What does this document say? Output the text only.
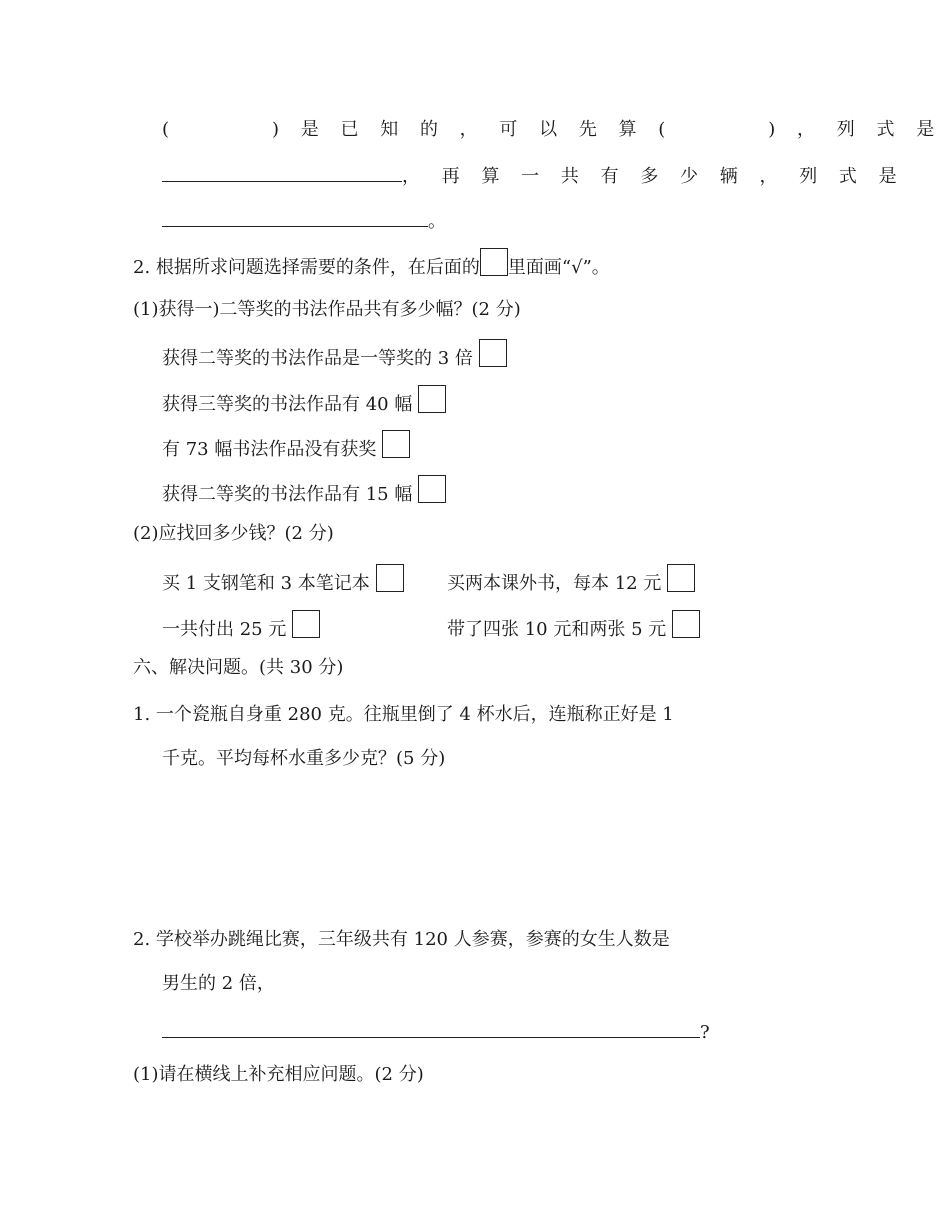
(	) 是 已 知 的 ， 可 以 先 算 (	) ， 列 式 是
， 再 算 一 共 有 多 少 辆 ， 列 式 是
。
2. 根据所求问题选择需要的条件，在后面的 里面画“√”。
(1)获得一)二等奖的书法作品共有多少幅？(2 分)
获得二等奖的书法作品是一等奖的 3 倍
获得三等奖的书法作品有 40 幅
有 73 幅书法作品没有获奖
获得二等奖的书法作品有 15 幅
(2)应找回多少钱？(2 分)
买 1 支钢笔和 3 本笔记本	买两本课外书，每本 12 元
一共付出 25 元	带了四张 10 元和两张 5 元
六、解决问题。(共 30 分)
1. 一个瓷瓶自身重 280 克。往瓶里倒了 4 杯水后，连瓶称正好是 1
千克。平均每杯水重多少克？(5 分)
2. 学校举办跳绳比赛，三年级共有 120 人参赛，参赛的女生人数是
男生的 2 倍，
?
(1)请在横线上补充相应问题。(2 分)
